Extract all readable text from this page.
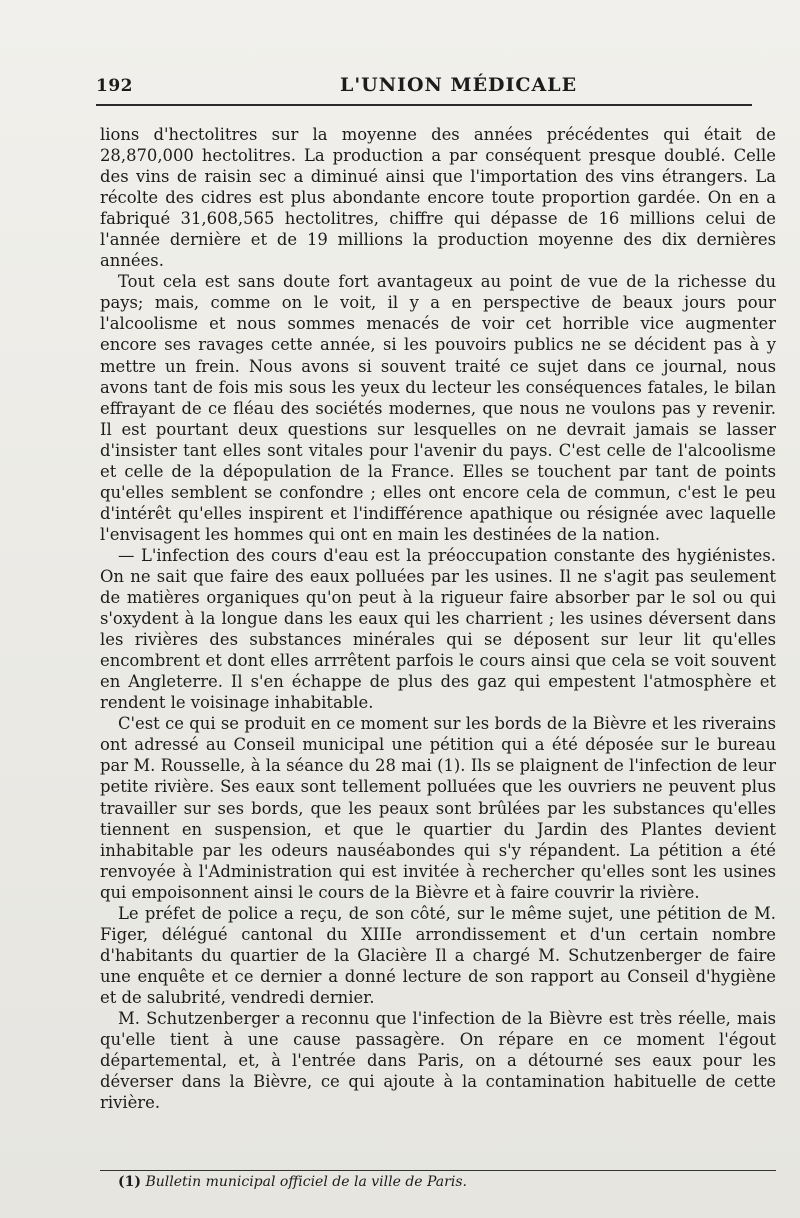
192	L'UNION MÉDICALE

lions d'hectolitres sur la moyenne des années précédentes qui était de 28,870,000 hectolitres. La production a par conséquent presque doublé. Celle des vins de raisin sec a diminué ainsi que l'importation des vins étrangers. La récolte des cidres est plus abondante encore toute proportion gardée. On en a fabriqué 31,608,565 hectolitres, chiffre qui dépasse de 16 millions celui de l'année dernière et de 19 millions la production moyenne des dix dernières années.

Tout cela est sans doute fort avantageux au point de vue de la richesse du pays; mais, comme on le voit, il y a en perspective de beaux jours pour l'alcoolisme et nous sommes menacés de voir cet horrible vice augmenter encore ses ravages cette année, si les pouvoirs publics ne se décident pas à y mettre un frein. Nous avons si souvent traité ce sujet dans ce journal, nous avons tant de fois mis sous les yeux du lecteur les conséquences fatales, le bilan effrayant de ce fléau des sociétés modernes, que nous ne voulons pas y revenir. Il est pourtant deux questions sur lesquelles on ne devrait jamais se lasser d'insister tant elles sont vitales pour l'avenir du pays. C'est celle de l'alcoolisme et celle de la dépopulation de la France. Elles se touchent par tant de points qu'elles semblent se confondre ; elles ont encore cela de commun, c'est le peu d'intérêt qu'elles inspirent et l'indifférence apathique ou résignée avec laquelle l'envisagent les hommes qui ont en main les destinées de la nation.

— L'infection des cours d'eau est la préoccupation constante des hygiénistes. On ne sait que faire des eaux polluées par les usines. Il ne s'agit pas seulement de matières organiques qu'on peut à la rigueur faire absorber par le sol ou qui s'oxydent à la longue dans les eaux qui les charrient ; les usines déversent dans les rivières des substances minérales qui se déposent sur leur lit qu'elles encombrent et dont elles arrrêtent parfois le cours ainsi que cela se voit souvent en Angleterre. Il s'en échappe de plus des gaz qui empestent l'atmosphère et rendent le voisinage inhabitable.

C'est ce qui se produit en ce moment sur les bords de la Bièvre et les riverains ont adressé au Conseil municipal une pétition qui a été déposée sur le bureau par M. Rousselle, à la séance du 28 mai (1). Ils se plaignent de l'infection de leur petite rivière. Ses eaux sont tellement polluées que les ouvriers ne peuvent plus travailler sur ses bords, que les peaux sont brûlées par les substances qu'elles tiennent en suspension, et que le quartier du Jardin des Plantes devient inhabitable par les odeurs nauséabondes qui s'y répandent. La pétition a été renvoyée à l'Administration qui est invitée à rechercher qu'elles sont les usines qui empoisonnent ainsi le cours de la Bièvre et à faire couvrir la rivière.

Le préfet de police a reçu, de son côté, sur le même sujet, une pétition de M. Figer, délégué cantonal du XIIIe arrondissement et d'un certain nombre d'habitants du quartier de la Glacière Il a chargé M. Schutzenberger de faire une enquête et ce dernier a donné lecture de son rapport au Conseil d'hygiène et de salubrité, vendredi dernier.

M. Schutzenberger a reconnu que l'infection de la Bièvre est très réelle, mais qu'elle tient à une cause passagère. On répare en ce moment l'égout départemental, et, à l'entrée dans Paris, on a détourné ses eaux pour les déverser dans la Bièvre, ce qui ajoute à la contamination habituelle de cette rivière.

(1) Bulletin municipal officiel de la ville de Paris.
